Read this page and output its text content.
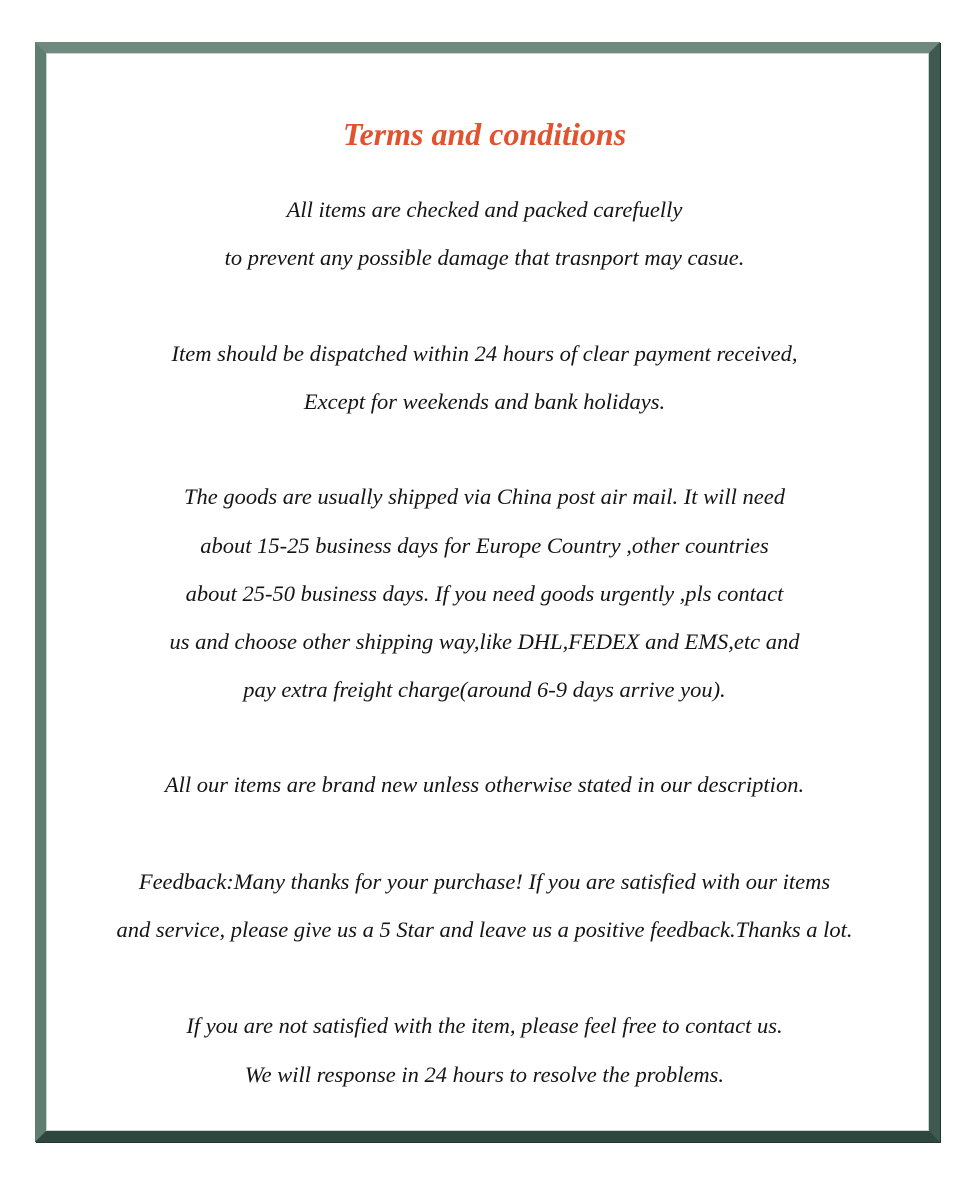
Terms and conditions

All items are checked and packed carefuelly

to prevent any possible damage that trasnport may casue.

Item should be dispatched within 24 hours of clear payment received,

Except for weekends and bank holidays.

The goods are usually shipped via China post air mail. It will need

about 15-25 business days for Europe Country ,other countries

about 25-50 business days. If you need goods urgently ,pls contact

us and choose other shipping way,like DHL,FEDEX and EMS,etc and

pay extra freight charge(around 6-9 days arrive you).

All our items are brand new unless otherwise stated in our description.

Feedback:Many thanks for your purchase! If you are satisfied with our items

and service, please give us a 5 Star and leave us a positive feedback.Thanks a lot.

If you are not satisfied with the item, please feel free to contact us.

We will response in 24 hours to resolve the problems.
